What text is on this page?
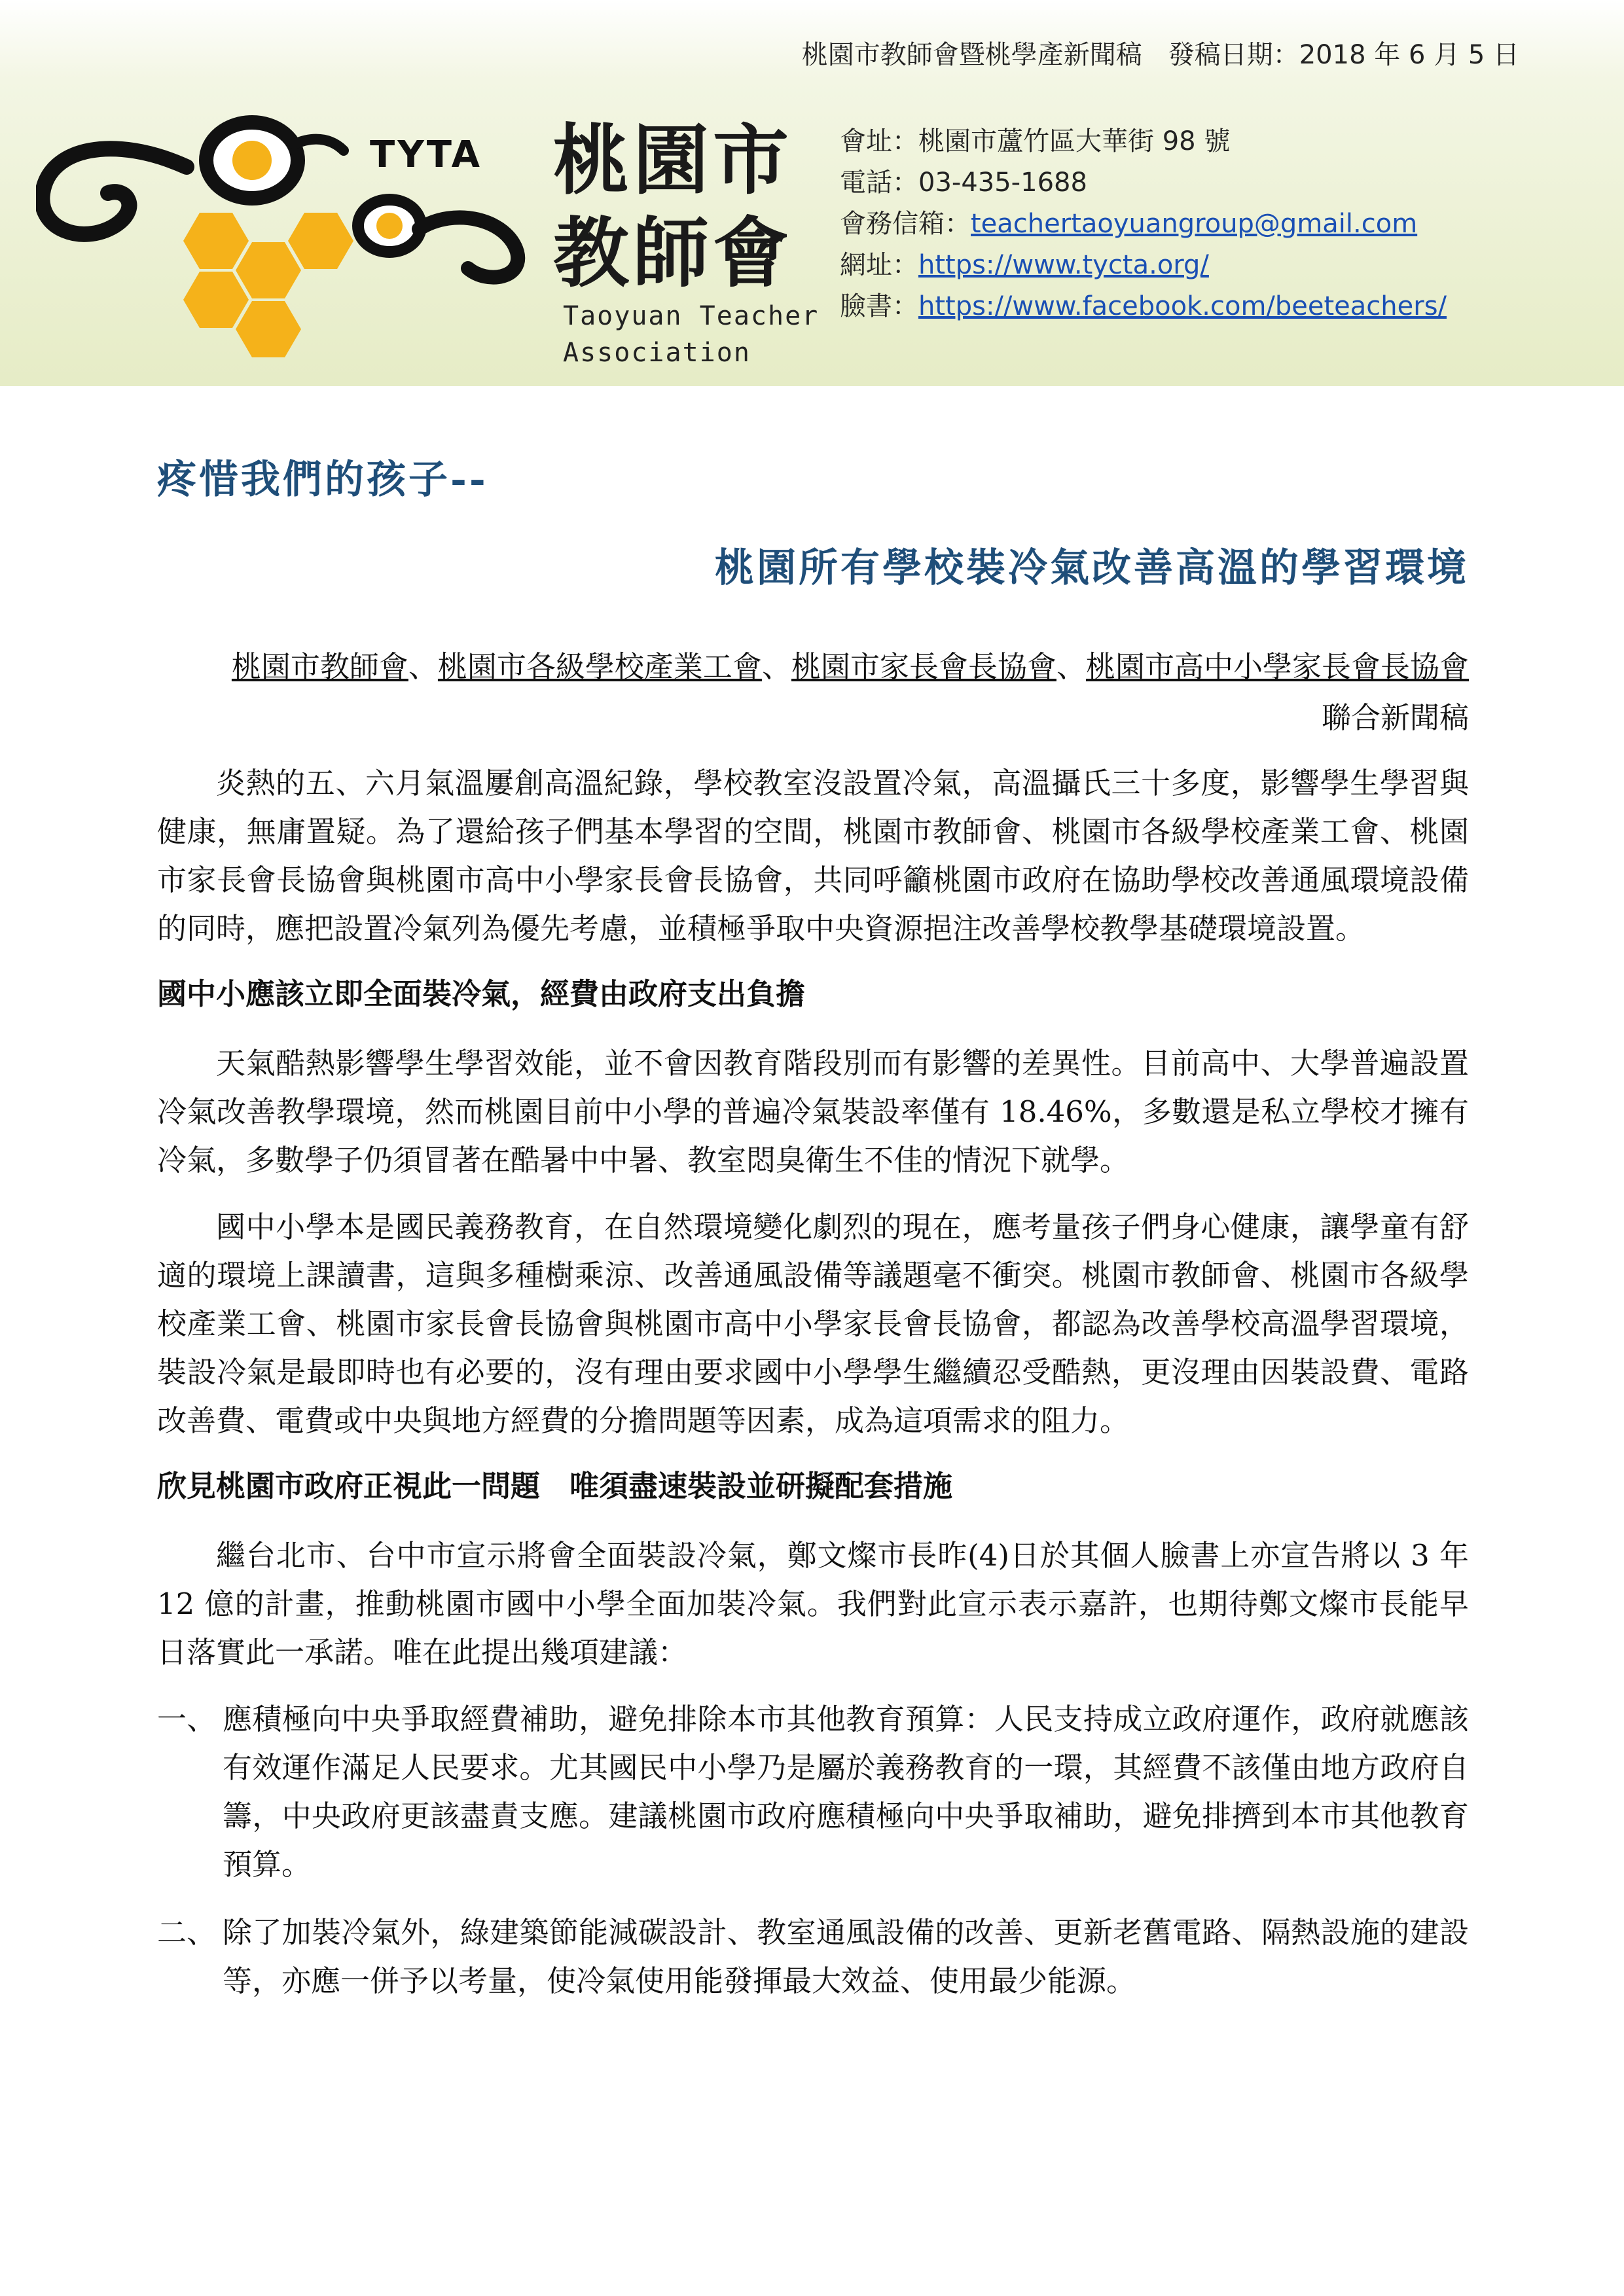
桃園市教師會暨桃學產新聞稿 發稿日期：2018 年 6 月 5 日
TYTA 桃園市
教師會
Taoyuan Teacher
Association
會址：桃園市蘆竹區大華街 98 號
電話：03-435-1688
會務信箱：teachertaoyuangroup@gmail.com
網址：https://www.tycta.org/
臉書：https://www.facebook.com/beeteachers/
疼惜我們的孩子--
桃園所有學校裝冷氣改善高溫的學習環境
桃園市教師會、桃園市各級學校產業工會、桃園市家長會長協會、桃園市高中小學家長會長協會聯合新聞稿

炎熱的五、六月氣溫屢創高溫紀錄，學校教室沒設置冷氣，高溫攝氏三十多度，影響學生學習與健康，無庸置疑。為了還給孩子們基本學習的空間，桃園市教師會、桃園市各級學校產業工會、桃園市家長會長協會與桃園市高中小學家長會長協會，共同呼籲桃園市政府在協助學校改善通風環境設備的同時，應把設置冷氣列為優先考慮，並積極爭取中央資源挹注改善學校教學基礎環境設置。

國中小應該立即全面裝冷氣，經費由政府支出負擔

天氣酷熱影響學生學習效能，並不會因教育階段別而有影響的差異性。目前高中、大學普遍設置冷氣改善教學環境，然而桃園目前中小學的普遍冷氣裝設率僅有 18.46%，多數還是私立學校才擁有冷氣，多數學子仍須冒著在酷暑中中暑、教室悶臭衛生不佳的情況下就學。

國中小學本是國民義務教育，在自然環境變化劇烈的現在，應考量孩子們身心健康，讓學童有舒適的環境上課讀書，這與多種樹乘涼、改善通風設備等議題毫不衝突。桃園市教師會、桃園市各級學校產業工會、桃園市家長會長協會與桃園市高中小學家長會長協會，都認為改善學校高溫學習環境，裝設冷氣是最即時也有必要的，沒有理由要求國中小學學生繼續忍受酷熱，更沒理由因裝設費、電路改善費、電費或中央與地方經費的分擔問題等因素，成為這項需求的阻力。

欣見桃園市政府正視此一問題　唯須盡速裝設並研擬配套措施

繼台北市、台中市宣示將會全面裝設冷氣，鄭文燦市長昨(4)日於其個人臉書上亦宣告將以 3 年 12 億的計畫，推動桃園市國中小學全面加裝冷氣。我們對此宣示表示嘉許，也期待鄭文燦市長能早日落實此一承諾。唯在此提出幾項建議：

一、 應積極向中央爭取經費補助，避免排除本市其他教育預算：人民支持成立政府運作，政府就應該有效運作滿足人民要求。尤其國民中小學乃是屬於義務教育的一環，其經費不該僅由地方政府自籌，中央政府更該盡責支應。建議桃園市政府應積極向中央爭取補助，避免排擠到本市其他教育預算。
二、 除了加裝冷氣外，綠建築節能減碳設計、教室通風設備的改善、更新老舊電路、隔熱設施的建設等，亦應一併予以考量，使冷氣使用能發揮最大效益、使用最少能源。
